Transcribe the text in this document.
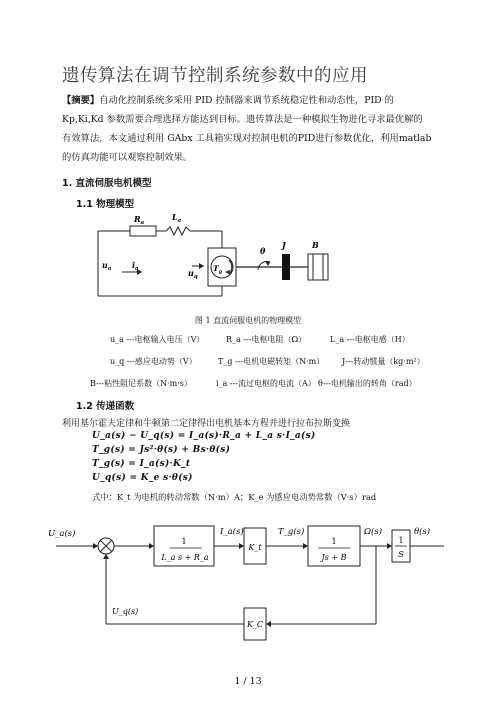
遗传算法在调节控制系统参数中的应用
【摘要】自动化控制系统多采用 PID 控制器来调节系统稳定性和动态性，PID 的
Kp,Ki,Kd 参数需要合理选择方能达到目标。遗传算法是一种模拟生物进化寻求最优解的
有效算法，本文通过利用 GAbx 工具箱实现对控制电机的PID进行参数优化，利用matlab
的仿真功能可以观察控制效果。
1. 直流伺服电机模型
1.1 物理模型
$R_a$
$L_a$
$u_a$	$i_a$	$u_q$
$T_g$
θ
J	B
图 1 直流伺服电机的物理模型
u_a ---电枢输入电压（V）	R_a ---电枢电阻（Ω）	L_a ---电枢电感（H）
u_q ---感应电动势（V）	T_g ---电机电磁转矩（N·m） J---转动惯量（kg·m²）
B---粘性阻尼系数（N·m·s）	i_a ---流过电枢的电流（A） θ---电机输出的转角（rad）
1.2 传递函数
利用基尔霍夫定律和牛顿第二定律得出电机基本方程并进行拉布拉斯变换
U_a(s) − U_q(s) = I_a(s)·R_a + L_a s·I_a(s)
T_g(s) = Js²·θ(s) + Bs·θ(s)
T_g(s) = I_a(s)·K_t
U_q(s) = K_e s·θ(s)
式中：K_t 为电机的转动常数（N·m）A；K_e 为感应电动势常数（V·s）rad
U_a(s)	I_a(s)	T_g(s)	Ω(s)	θ(s)
U_q(s)
1
L_a s + R_a
K_t
1
Js + B
1
S
K_C
1 / 13
